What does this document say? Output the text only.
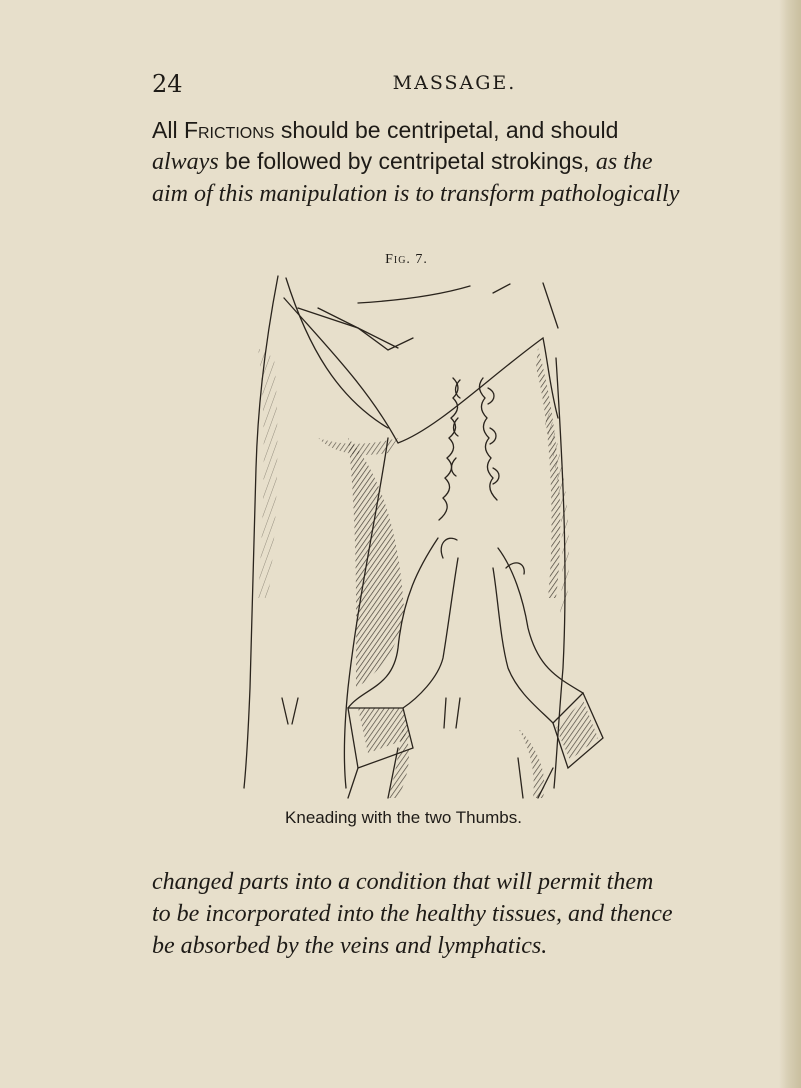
24	MASSAGE.

All Frictions should be centripetal, and should
always be followed by centripetal strokings, as the
aim of this manipulation is to transform pathologically

Fig. 7.
Kneading with the two Thumbs.

changed parts into a condition that will permit them
to be incorporated into the healthy tissues, and thence
be absorbed by the veins and lymphatics.
